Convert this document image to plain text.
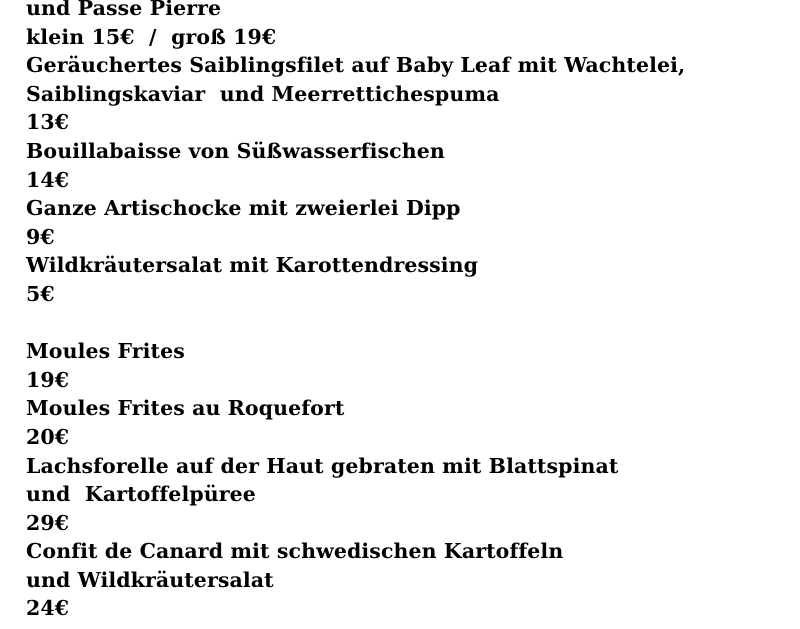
und Passe Pierre
klein 15€  /  groß 19€
Geräuchertes Saiblingsfilet auf Baby Leaf mit Wachtelei,
Saiblingskaviar  und Meerrettichespuma
13€
Bouillabaisse von Süßwasserfischen
14€
Ganze Artischocke mit zweierlei Dipp
9€
Wildkräutersalat mit Karottendressing
5€
Moules Frites
19€
Moules Frites au Roquefort
20€
Lachsforelle auf der Haut gebraten mit Blattspinat
und  Kartoffelpüree
29€
Confit de Canard mit schwedischen Kartoffeln
und Wildkräutersalat
24€
